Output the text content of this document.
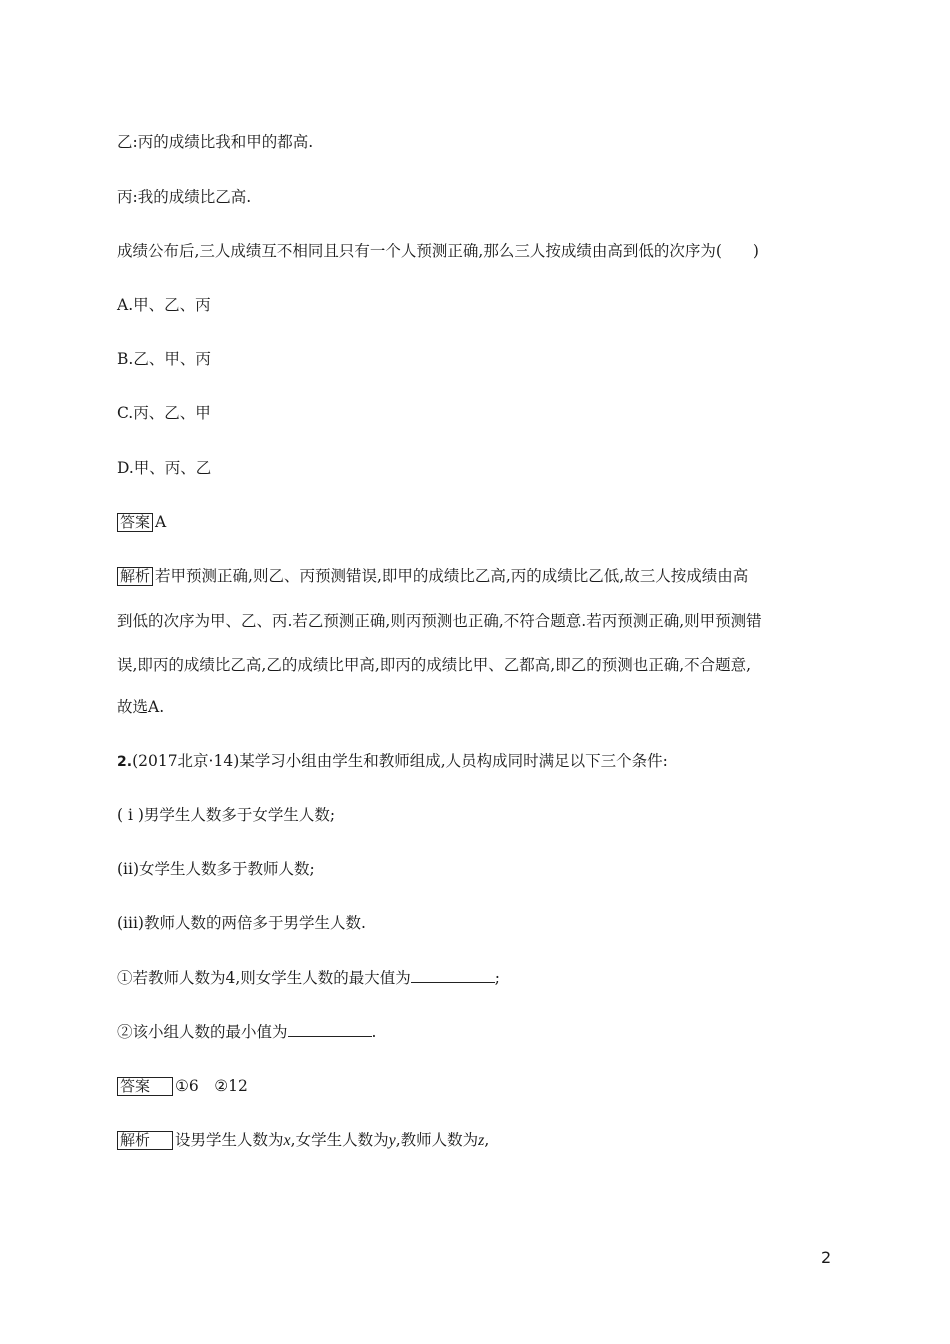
乙:丙的成绩比我和甲的都高.
丙:我的成绩比乙高.
成绩公布后,三人成绩互不相同且只有一个人预测正确,那么三人按成绩由高到低的次序为(　　)
A.甲、乙、丙
B.乙、甲、丙
C.丙、乙、甲
D.甲、丙、乙
答案 A
解析 若甲预测正确,则乙、丙预测错误,即甲的成绩比乙高,丙的成绩比乙低,故三人按成绩由高
到低的次序为甲、乙、丙.若乙预测正确,则丙预测也正确,不符合题意.若丙预测正确,则甲预测错
误,即丙的成绩比乙高,乙的成绩比甲高,即丙的成绩比甲、乙都高,即乙的预测也正确,不合题意,
故选A.
2.(2017北京·14)某学习小组由学生和教师组成,人员构成同时满足以下三个条件:
( i )男学生人数多于女学生人数;
(ii)女学生人数多于教师人数;
(iii)教师人数的两倍多于男学生人数.
①若教师人数为4,则女学生人数的最大值为	;
②该小组人数的最小值为	.
答案 ①6　②12
解析 设男学生人数为x,女学生人数为y,教师人数为z,
2
